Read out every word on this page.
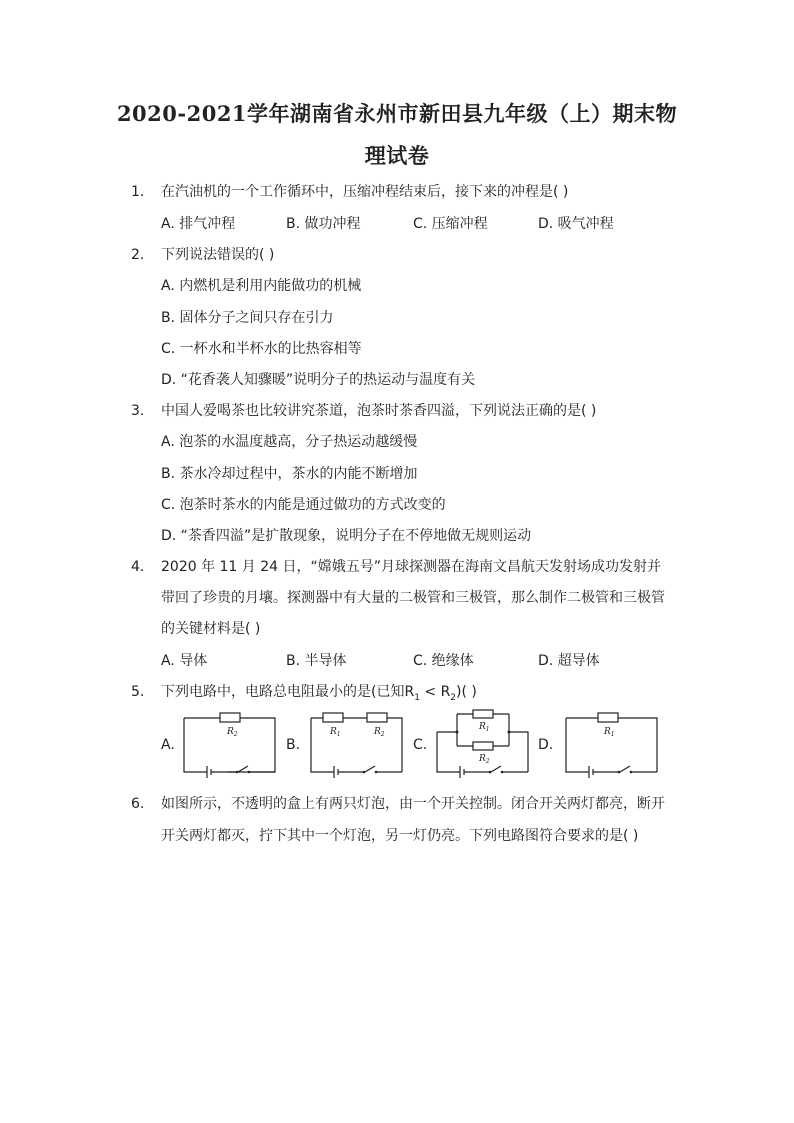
2020-2021学年湖南省永州市新田县九年级（上）期末物
理试卷
1. 在汽油机的一个工作循环中，压缩冲程结束后，接下来的冲程是( )
A. 排气冲程	B. 做功冲程	C. 压缩冲程	D. 吸气冲程
2. 下列说法错误的( )
A. 内燃机是利用内能做功的机械
B. 固体分子之间只存在引力
C. 一杯水和半杯水的比热容相等
D. “花香袭人知骤暖”说明分子的热运动与温度有关
3. 中国人爱喝茶也比较讲究茶道，泡茶时茶香四溢，下列说法正确的是( )
A. 泡茶的水温度越高，分子热运动越缓慢
B. 茶水冷却过程中，茶水的内能不断增加
C. 泡茶时茶水的内能是通过做功的方式改变的
D. “茶香四溢”是扩散现象，说明分子在不停地做无规则运动
4. 2020 年 11 月 24 日，“嫦娥五号”月球探测器在海南文昌航天发射场成功发射并
带回了珍贵的月壤。探测器中有大量的二极管和三极管，那么制作二极管和三极管
的关键材料是( )
A. 导体	B. 半导体	C. 绝缘体	D. 超导体
5. 下列电路中，电路总电阻最小的是(已知$R_1 < R_2$)( )
A.
$R_2$
B.
$R_1$	$R_2$
C.
$R_1$
$R_2$
D.
$R_1$
6. 如图所示，不透明的盒上有两只灯泡，由一个开关控制。闭合开关两灯都亮，断开
开关两灯都灭，拧下其中一个灯泡，另一灯仍亮。下列电路图符合要求的是( )
